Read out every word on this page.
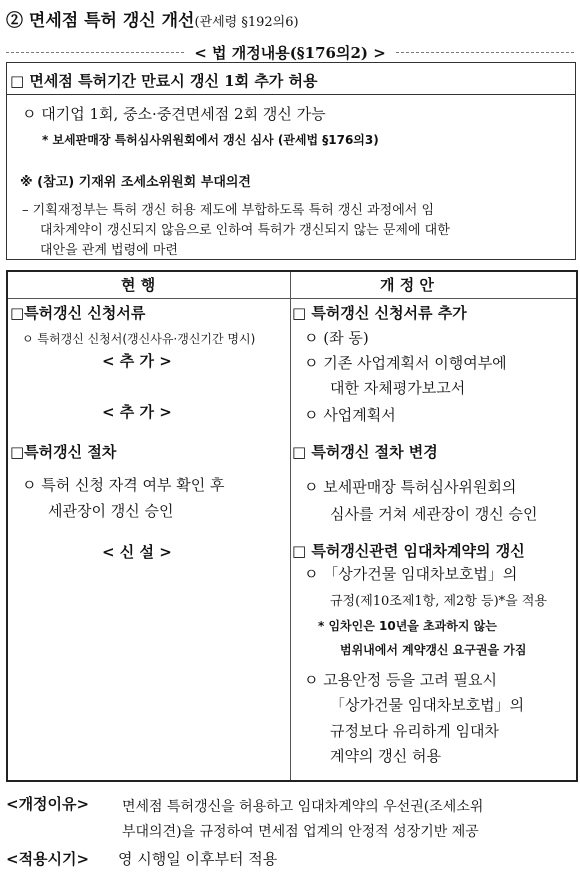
② 면세점 특허 갱신 개선(관세령 §192의6)
< 법 개정내용(§176의2) >
□ 면세점 특허기간 만료시 갱신 1회 추가 허용
ㅇ 대기업 1회, 중소·중견면세점 2회 갱신 가능
* 보세판매장 특허심사위원회에서 갱신 심사 (관세법 §176의3)
※ (참고) 기재위 조세소위원회 부대의견
– 기획재정부는 특허 갱신 허용 제도에 부합하도록 특허 갱신 과정에서 임
대차계약이 갱신되지 않음으로 인하여 특허가 갱신되지 않는 문제에 대한
대안을 관계 법령에 마련
현 행	개 정 안
□특허갱신 신청서류
ㅇ 특허갱신 신청서(갱신사유·갱신기간 명시)
< 추 가 >
< 추 가 >
□특허갱신 절차
ㅇ 특허 신청 자격 여부 확인 후
세관장이 갱신 승인
< 신 설 >
□ 특허갱신 신청서류 추가
ㅇ (좌 동)
ㅇ 기존 사업계획서 이행여부에
대한 자체평가보고서
ㅇ 사업계획서
□ 특허갱신 절차 변경
ㅇ 보세판매장 특허심사위원회의
심사를 거쳐 세관장이 갱신 승인
□ 특허갱신관련 임대차계약의 갱신
ㅇ 「상가건물 임대차보호법」의
규정(제10조제1항, 제2항 등)*을 적용
* 임차인은 10년을 초과하지 않는
범위내에서 계약갱신 요구권을 가짐
ㅇ 고용안정 등을 고려 필요시
「상가건물 임대차보호법」의
규정보다 유리하게 임대차
계약의 갱신 허용
<개정이유> 면세점 특허갱신을 허용하고 임대차계약의 우선권(조세소위
부대의견)을 규정하여 면세점 업계의 안정적 성장기반 제공
<적용시기> 영 시행일 이후부터 적용
